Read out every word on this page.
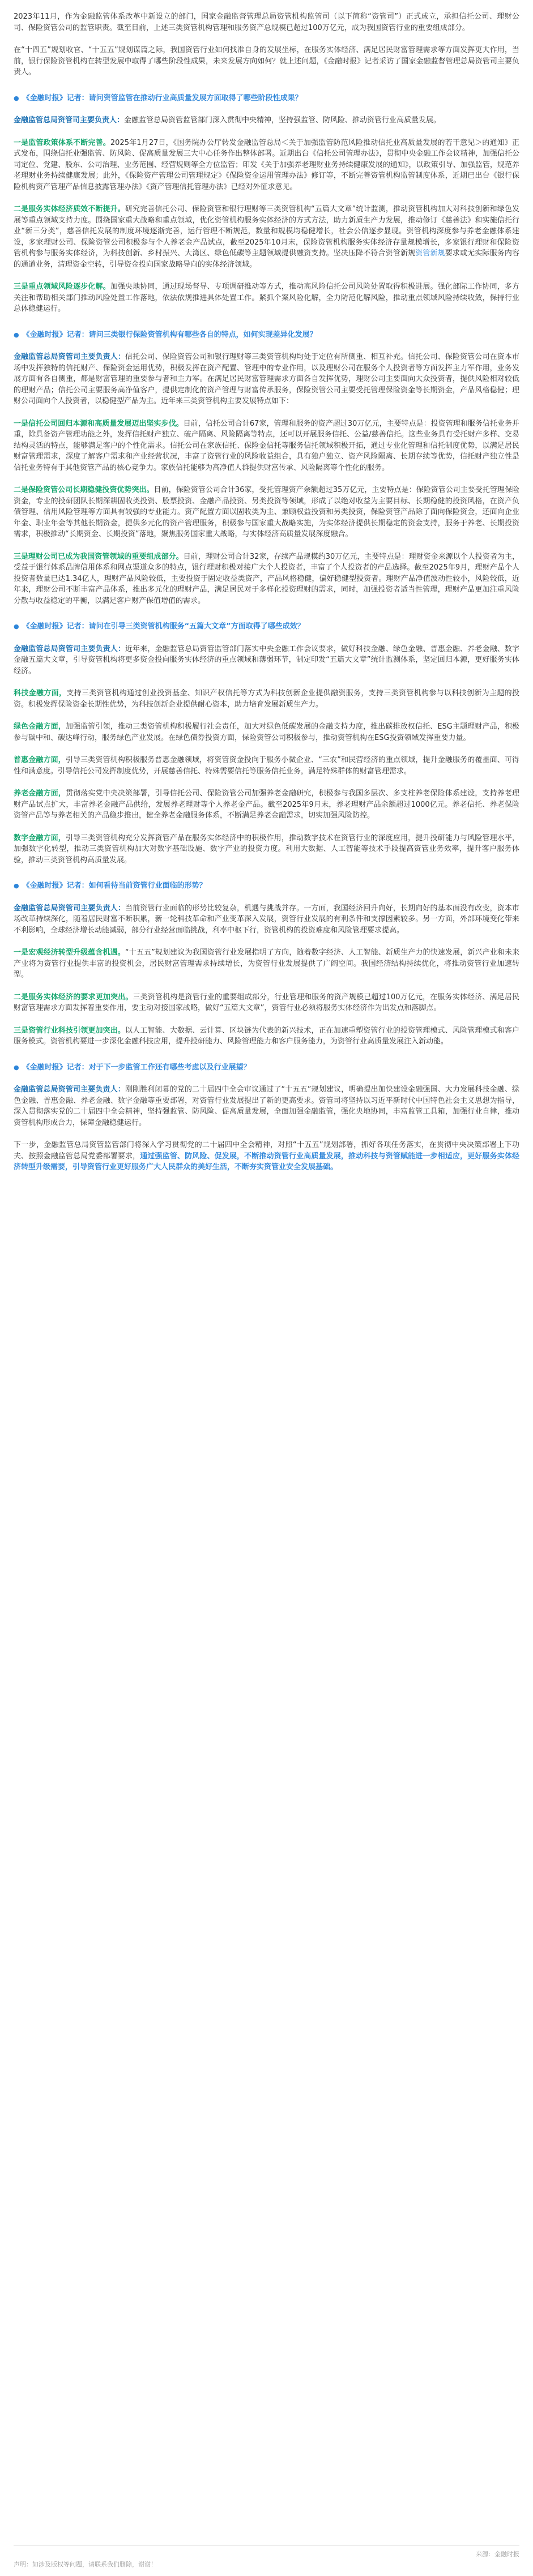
2023年11月，作为金融监管体系改革中新设立的部门，国家金融监督管理总局资管机构监管司（以下简称“资管司”）正式成立，承担信托公司、理财公司、保险资管公司的监管职责。截至目前，上述三类资管机构管理和服务资产总规模已超过100万亿元，成为我国资管行业的重要组成部分。

在“十四五”规划收官、“十五五”规划谋篇之际，我国资管行业如何找准自身的发展坐标，在服务实体经济、满足居民财富管理需求等方面发挥更大作用，当前，银行保险资管机构在转型发展中取得了哪些阶段性成果，未来发展方向如何？就上述问题，《金融时报》记者采访了国家金融监督管理总局资管司主要负责人。

● 《金融时报》记者：请问资管监管在推动行业高质量发展方面取得了哪些阶段性成果？

金融监管总局资管司主要负责人：金融监管总局资管监管部门深入贯彻中央精神，坚持强监管、防风险、推动资管行业高质量发展。

一是监管政策体系不断完善。2025年1月27日，《国务院办公厅转发金融监管总局＜关于加强监管防范风险推动信托业高质量发展的若干意见＞的通知》正式发布，围绕信托业强监管、防风险、促高质量发展三大中心任务作出整体部署。近期出台《信托公司管理办法》，贯彻中央金融工作会议精神，加强信托公司定位、党建、股东、公司治理、业务范围、经营规则等全方位监管；印发《关于加强养老理财业务持续健康发展的通知》，以政策引导、加强监管，规范养老理财业务持续健康发展；此外，《保险资产管理公司管理规定》《保险资金运用管理办法》修订等，不断完善资管机构监管制度体系，近期已出台《银行保险机构资产管理产品信息披露管理办法》《资产管理信托管理办法》已经对外征求意见。

二是服务实体经济质效不断提升。研究完善信托公司、保险资管和银行理财等三类资管机构“五篇大文章”统计监测，推动资管机构加大对科技创新和绿色发展等重点领域支持力度。围绕国家重大战略和重点领域，优化资管机构服务实体经济的方式方法，助力新质生产力发展，推动修订《慈善法》和实施信托行业“新三分类”，慈善信托发展的制度环境逐渐完善，运行管理不断规范，数量和规模均稳健增长，社会公信逐步显现。资管机构深度参与养老金融体系建设，多家理财公司、保险资管公司积极参与个人养老金产品试点，截至2025年10月末，保险资管机构服务实体经济存量规模增长，多家银行理财和保险资管机构参与服务实体经济，为科技创新、乡村振兴、大湾区、绿色低碳等主题领域提供融资支持。坚决压降不符合资管新规资管新规要求或无实际服务内容的通道业务，清理资金空转，引导资金投向国家战略导向的实体经济领域。

三是重点领域风险逐步化解。加强央地协同，通过现场督导、专项调研推动等方式，推动高风险信托公司风险处置取得积极进展。强化部际工作协同，多方关注和帮助相关部门推动风险处置工作落地，依法依规推进具体处置工作。紧抓个案风险化解，全力防范化解风险，推动重点领域风险持续收敛，保持行业总体稳健运行。

● 《金融时报》记者：请问三类银行保险资管机构有哪些各自的特点，如何实现差异化发展？

金融监管总局资管司主要负责人：信托公司、保险资管公司和银行理财等三类资管机构均处于定位有所侧重、相互补充。信托公司、保险资管公司在资本市场中发挥独特的信托财产、保险资金运用优势，积极发挥在资产配置、管理中的专业作用，以及理财公司在服务个人投资者等方面发挥主力军作用，业务发展方面有各自侧重，都是财富管理的重要参与者和主力军。在满足居民财富管理需求方面各自发挥优势，理财公司主要面向大众投资者，提供风险相对较低的理财产品；信托公司主要服务高净值客户，提供定制化的资产管理与财富传承服务，保险资管公司主要受托管理保险资金等长期资金，产品风格稳健；理财公司面向个人投资者，以稳健型产品为主。近年来三类资管机构主要发展特点如下：

一是信托公司回归本源和高质量发展迈出坚实步伐。目前，信托公司合计67家，管理和服务的资产超过30万亿元，主要特点是：投资管理和服务信托业务并重，除具备资产管理功能之外，发挥信托财产独立、破产隔离、风险隔离等特点，还可以开展服务信托、公益/慈善信托。这些业务具有受托财产多样、交易结构灵活的特点，能够满足客户的个性化需求。信托公司在家族信托、保险金信托等服务信托领域积极开拓，通过专业化管理和信托制度优势，以满足居民财富管理需求，深度了解客户需求和产业经营状况，丰富了资管行业的风险收益组合，具有独户独立、资产风险隔离、长期存续等优势，信托财产独立性是信托业务特有于其他资管产品的核心竞争力。家族信托能够为高净值人群提供财富传承、风险隔离等个性化的服务。

二是保险资管公司长期稳健投资优势突出。目前，保险资管公司合计36家，受托管理资产余额超过35万亿元，主要特点是：保险资管公司主要受托管理保险资金，专业的投研团队长期深耕固收类投资、股票投资、金融产品投资、另类投资等领域，形成了以绝对收益为主要目标、长期稳健的投资风格，在资产负债管理、信用风险管理等方面具有较强的专业能力。资产配置方面以固收类为主、兼顾权益投资和另类投资，保险资管产品除了面向保险资金，还面向企业年金、职业年金等其他长期资金，提供多元化的资产管理服务，积极参与国家重大战略实施，为实体经济提供长期稳定的资金支持，服务于养老、长期投资需求，积极推动“长期资金、长期投资”落地，聚焦服务国家重大战略，与实体经济高质量发展深度融合。

三是理财公司已成为我国资管领域的重要组成部分。目前，理财公司合计32家，存续产品规模约30万亿元，主要特点是：理财资金来源以个人投资者为主，受益于银行体系品牌信用体系和网点渠道众多的特点，银行理财积极对接广大个人投资者，丰富了个人投资者的产品选择。截至2025年9月，理财产品个人投资者数量已达1.34亿人，理财产品风险较低，主要投资于固定收益类资产，产品风格稳健，偏好稳健型投资者。理财产品净值波动性较小，风险较低，近年来，理财公司不断丰富产品体系，推出多元化的理财产品，满足居民对于多样化投资理财的需求，同时，加强投资者适当性管理，理财产品更加注重风险分散与收益稳定的平衡，以满足客户财产保值增值的需求。

● 《金融时报》记者：请问在引导三类资管机构服务“五篇大文章”方面取得了哪些成效？

金融监管总局资管司主要负责人：近年来，金融监管总局资管监管部门落实中央金融工作会议要求，做好科技金融、绿色金融、普惠金融、养老金融、数字金融五篇大文章，引导资管机构将更多资金投向服务实体经济的重点领域和薄弱环节，制定印发“五篇大文章”统计监测体系，坚定回归本源，更好服务实体经济。

科技金融方面，支持三类资管机构通过创业投资基金、知识产权信托等方式为科技创新企业提供融资服务，支持三类资管机构参与以科技创新为主题的投资。积极发挥保险资金长期性优势，为科技创新企业提供耐心资本，助力培育发展新质生产力。

绿色金融方面，加强监管引领，推动三类资管机构积极履行社会责任，加大对绿色低碳发展的金融支持力度，推出碳排放权信托、ESG主题理财产品，积极参与碳中和、碳达峰行动，服务绿色产业发展。在绿色债券投资方面，保险资管公司积极参与，推动资管机构在ESG投资领域发挥重要力量。

普惠金融方面，引导三类资管机构积极服务普惠金融领域，将资管资金投向于服务小微企业、“三农”和民营经济的重点领域，提升金融服务的覆盖面、可得性和满意度。引导信托公司发挥制度优势，开展慈善信托、特殊需要信托等服务信托业务，满足特殊群体的财富管理需求。

养老金融方面，贯彻落实党中央决策部署，引导信托公司、保险资管公司加强养老金融研究，积极参与我国多层次、多支柱养老保险体系建设，支持养老理财产品试点扩大，丰富养老金融产品供给，发展养老理财等个人养老金产品。截至2025年9月末，养老理财产品余额超过1000亿元。养老信托、养老保险资管产品等与养老相关的产品稳步推出，健全养老金融服务体系，不断满足养老金融需求，切实加强风险防控。

数字金融方面，引导三类资管机构充分发挥资管产品在服务实体经济中的积极作用，推动数字技术在资管行业的深度应用，提升投研能力与风险管理水平，加强数字化转型，推动三类资管机构加大对数字基础设施、数字产业的投资力度。利用大数据、人工智能等技术手段提高资管业务效率，提升客户服务体验，推动三类资管机构高质量发展。

● 《金融时报》记者：如何看待当前资管行业面临的形势？

金融监管总局资管司主要负责人：当前资管行业面临的形势比较复杂，机遇与挑战并存。一方面，我国经济回升向好，长期向好的基本面没有改变，资本市场改革持续深化，随着居民财富不断积累，新一轮科技革命和产业变革深入发展，资管行业发展的有利条件和支撑因素较多。另一方面，外部环境变化带来不利影响，全球经济增长动能减弱，部分行业经营面临挑战，利率中枢下行，资管机构的投资难度和风险管理要求提高。

一是宏观经济转型升级蕴含机遇。“十五五”规划建议为我国资管行业发展指明了方向，随着数字经济、人工智能、新质生产力的快速发展，新兴产业和未来产业将为资管行业提供丰富的投资机会，居民财富管理需求持续增长，为资管行业发展提供了广阔空间。我国经济结构持续优化，将推动资管行业加速转型。

二是服务实体经济的要求更加突出。三类资管机构是资管行业的重要组成部分，行业管理和服务的资产规模已超过100万亿元，在服务实体经济、满足居民财富管理需求方面发挥着重要作用，要主动对接国家战略，做好“五篇大文章”，资管行业必须将服务实体经济作为出发点和落脚点。

三是资管行业科技引领更加突出。以人工智能、大数据、云计算、区块链为代表的新兴技术，正在加速重塑资管行业的投资管理模式、风险管理模式和客户服务模式。资管机构要进一步深化金融科技应用，提升投研能力、风险管理能力和客户服务能力，为资管行业高质量发展注入新动能。

● 《金融时报》记者：对于下一步监管工作还有哪些考虑以及行业展望？

金融监管总局资管司主要负责人：刚刚胜利闭幕的党的二十届四中全会审议通过了“十五五”规划建议，明确提出加快建设金融强国、大力发展科技金融、绿色金融、普惠金融、养老金融、数字金融等重要部署，对资管行业发展提出了新的更高要求。资管司将坚持以习近平新时代中国特色社会主义思想为指导，深入贯彻落实党的二十届四中全会精神，坚持强监管、防风险、促高质量发展，全面加强金融监管，强化央地协同，丰富监管工具箱，加强行业自律，推动资管机构形成合力，保障金融稳健运行。

下一步，金融监管总局资管监管部门将深入学习贯彻党的二十届四中全会精神，对照“十五五”规划部署，抓好各项任务落实，在贯彻中央决策部署上下功夫、按照金融监管总局党委部署要求，通过强监管、防风险、促发展，不断推动资管行业高质量发展，推动科技与资管赋能进一步相适应，更好服务实体经济转型升级需要，引导资管行业更好服务广大人民群众的美好生活，不断夯实资管业安全发展基础。

来源：金融时报
声明：如涉及版权等问题，请联系我们删除，谢谢！
